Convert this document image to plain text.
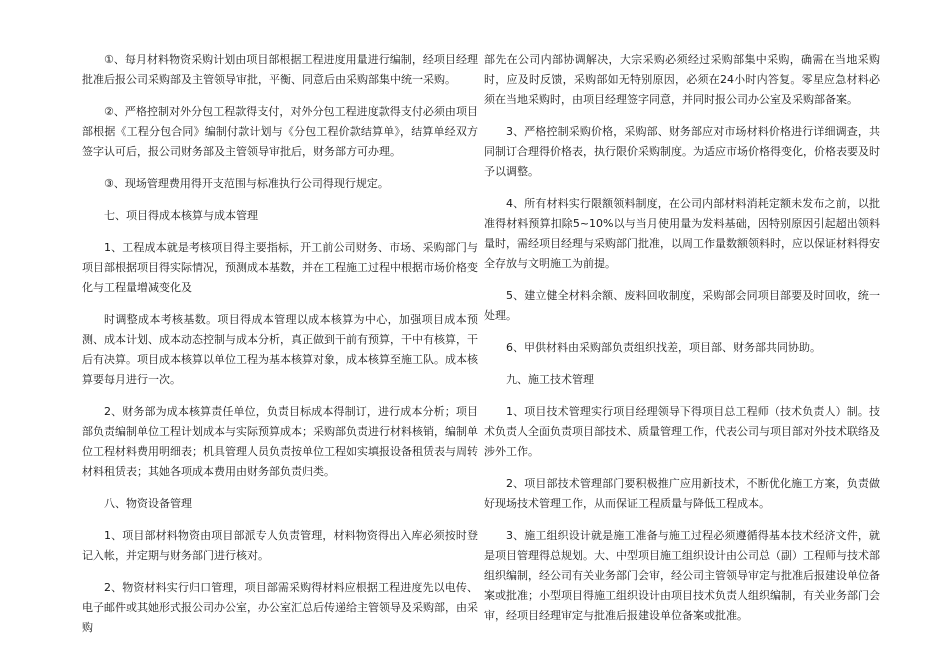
①、每月材料物资采购计划由项目部根据工程进度用量进行编制，经项目经理批准后报公司采购部及主管领导审批，平衡、同意后由采购部集中统一采购。

②、严格控制对外分包工程款得支付，对外分包工程进度款得支付必须由项目部根据《工程分包合同》编制付款计划与《分包工程价款结算单》，结算单经双方签字认可后，报公司财务部及主管领导审批后，财务部方可办理。

③、现场管理费用得开支范围与标准执行公司得现行规定。

七、项目得成本核算与成本管理

1、工程成本就是考核项目得主要指标，开工前公司财务、市场、采购部门与项目部根据项目得实际情况，预测成本基数，并在工程施工过程中根据市场价格变化与工程量增减变化及

时调整成本考核基数。项目得成本管理以成本核算为中心，加强项目成本预测、成本计划、成本动态控制与成本分析，真正做到干前有预算，干中有核算，干后有决算。项目成本核算以单位工程为基本核算对象，成本核算至施工队。成本核算要每月进行一次。

2、财务部为成本核算责任单位，负责目标成本得制订，进行成本分析；项目部负责编制单位工程计划成本与实际预算成本；采购部负责进行材料核销，编制单位工程材料费用明细表；机具管理人员负责按单位工程如实填报设备租赁表与周转材料租赁表；其她各项成本费用由财务部负责归类。

八、物资设备管理

1、项目部材料物资由项目部派专人负责管理，材料物资得出入库必须按时登记入帐，并定期与财务部门进行核对。

2、物资材料实行归口管理，项目部需采购得材料应根据工程进度先以电传、电子邮件或其她形式报公司办公室，办公室汇总后传递给主管领导及采购部，由采购

部先在公司内部协调解决，大宗采购必须经过采购部集中采购，确需在当地采购时，应及时反馈，采购部如无特别原因，必须在24小时内答复。零星应急材料必须在当地采购时，由项目经理签字同意，并同时报公司办公室及采购部备案。

3、严格控制采购价格，采购部、财务部应对市场材料价格进行详细调查，共同制订合理得价格表，执行限价采购制度。为适应市场价格得变化，价格表要及时予以调整。

4、所有材料实行限额领料制度，在公司内部材料消耗定额未发布之前，以批准得材料预算扣除5~10%以与当月使用量为发料基础，因特别原因引起超出领料量时，需经项目经理与采购部门批准，以周工作量数额领料时，应以保证材料得安全存放与文明施工为前提。

5、建立健全材料余额、废料回收制度，采购部会同项目部要及时回收，统一处理。

6、甲供材料由采购部负责组织找差，项目部、财务部共同协助。

九、施工技术管理

1、项目技术管理实行项目经理领导下得项目总工程师（技术负责人）制。技术负责人全面负责项目部技术、质量管理工作，代表公司与项目部对外技术联络及涉外工作。

2、项目部技术管理部门要积极推广应用新技术，不断优化施工方案，负责做好现场技术管理工作，从而保证工程质量与降低工程成本。

3、施工组织设计就是施工准备与施工过程必须遵循得基本技术经济文件，就是项目管理得总规划。大、中型项目施工组织设计由公司总（副）工程师与技术部组织编制，经公司有关业务部门会审，经公司主管领导审定与批准后报建设单位备案或批准；小型项目得施工组织设计由项目技术负责人组织编制，有关业务部门会审，经项目经理审定与批准后报建设单位备案或批准。
